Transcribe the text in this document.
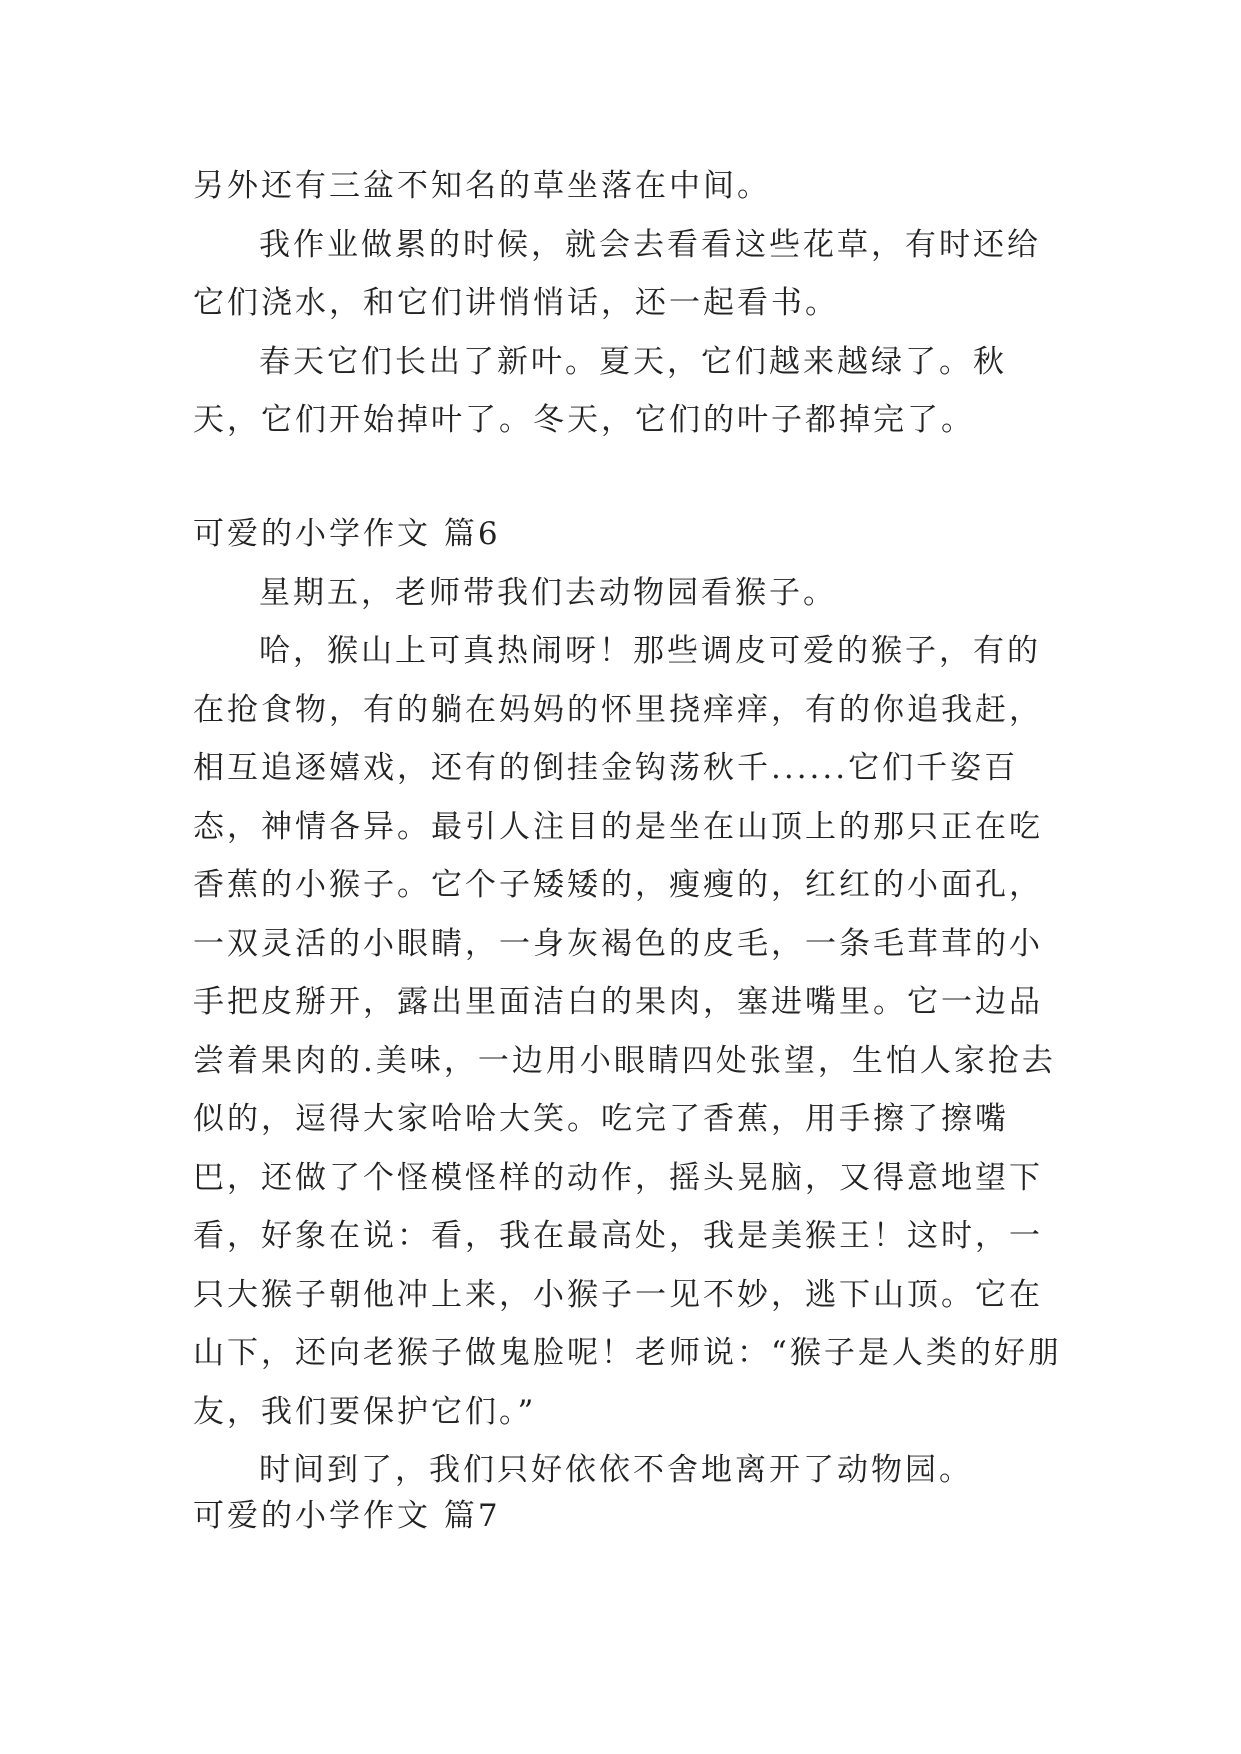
另外还有三盆不知名的草坐落在中间。

我作业做累的时候，就会去看看这些花草，有时还给它们浇水，和它们讲悄悄话，还一起看书。

春天它们长出了新叶。夏天，它们越来越绿了。秋天，它们开始掉叶了。冬天，它们的叶子都掉完了。

可爱的小学作文 篇6

星期五，老师带我们去动物园看猴子。

哈，猴山上可真热闹呀！那些调皮可爱的猴子，有的在抢食物，有的躺在妈妈的怀里挠痒痒，有的你追我赶，相互追逐嬉戏，还有的倒挂金钩荡秋千......它们千姿百态，神情各异。最引人注目的是坐在山顶上的那只正在吃香蕉的小猴子。它个子矮矮的，瘦瘦的，红红的小面孔，一双灵活的小眼睛，一身灰褐色的皮毛，一条毛茸茸的小手把皮掰开，露出里面洁白的果肉，塞进嘴里。它一边品尝着果肉的.美味，一边用小眼睛四处张望，生怕人家抢去似的，逗得大家哈哈大笑。吃完了香蕉，用手擦了擦嘴巴，还做了个怪模怪样的动作，摇头晃脑，又得意地望下看，好象在说：看，我在最高处，我是美猴王！这时，一只大猴子朝他冲上来，小猴子一见不妙，逃下山顶。它在山下，还向老猴子做鬼脸呢！老师说：“猴子是人类的好朋友，我们要保护它们。”

时间到了，我们只好依依不舍地离开了动物园。

可爱的小学作文 篇7
